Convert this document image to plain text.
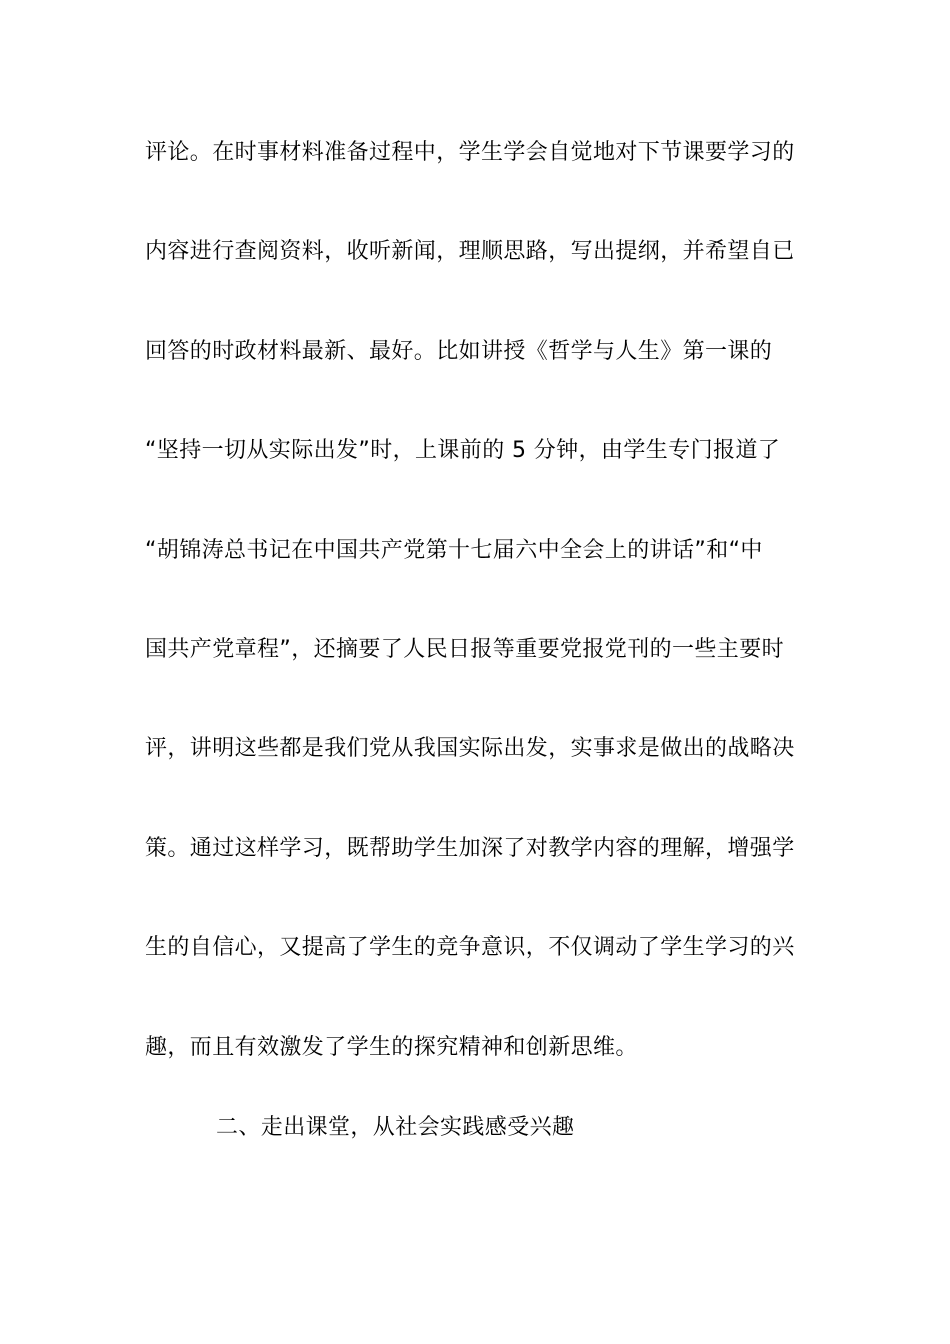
评论。在时事材料准备过程中，学生学会自觉地对下节课要学习的
内容进行查阅资料，收听新闻，理顺思路，写出提纲，并希望自已
回答的时政材料最新、最好。比如讲授《哲学与人生》第一课的
“坚持一切从实际出发”时，上课前的 5 分钟，由学生专门报道了
“胡锦涛总书记在中国共产党第十七届六中全会上的讲话”和“中
国共产党章程”，还摘要了人民日报等重要党报党刊的一些主要时
评，讲明这些都是我们党从我国实际出发，实事求是做出的战略决
策。通过这样学习，既帮助学生加深了对教学内容的理解，增强学
生的自信心，又提高了学生的竞争意识，不仅调动了学生学习的兴
趣，而且有效激发了学生的探究精神和创新思维。
二、走出课堂，从社会实践感受兴趣
